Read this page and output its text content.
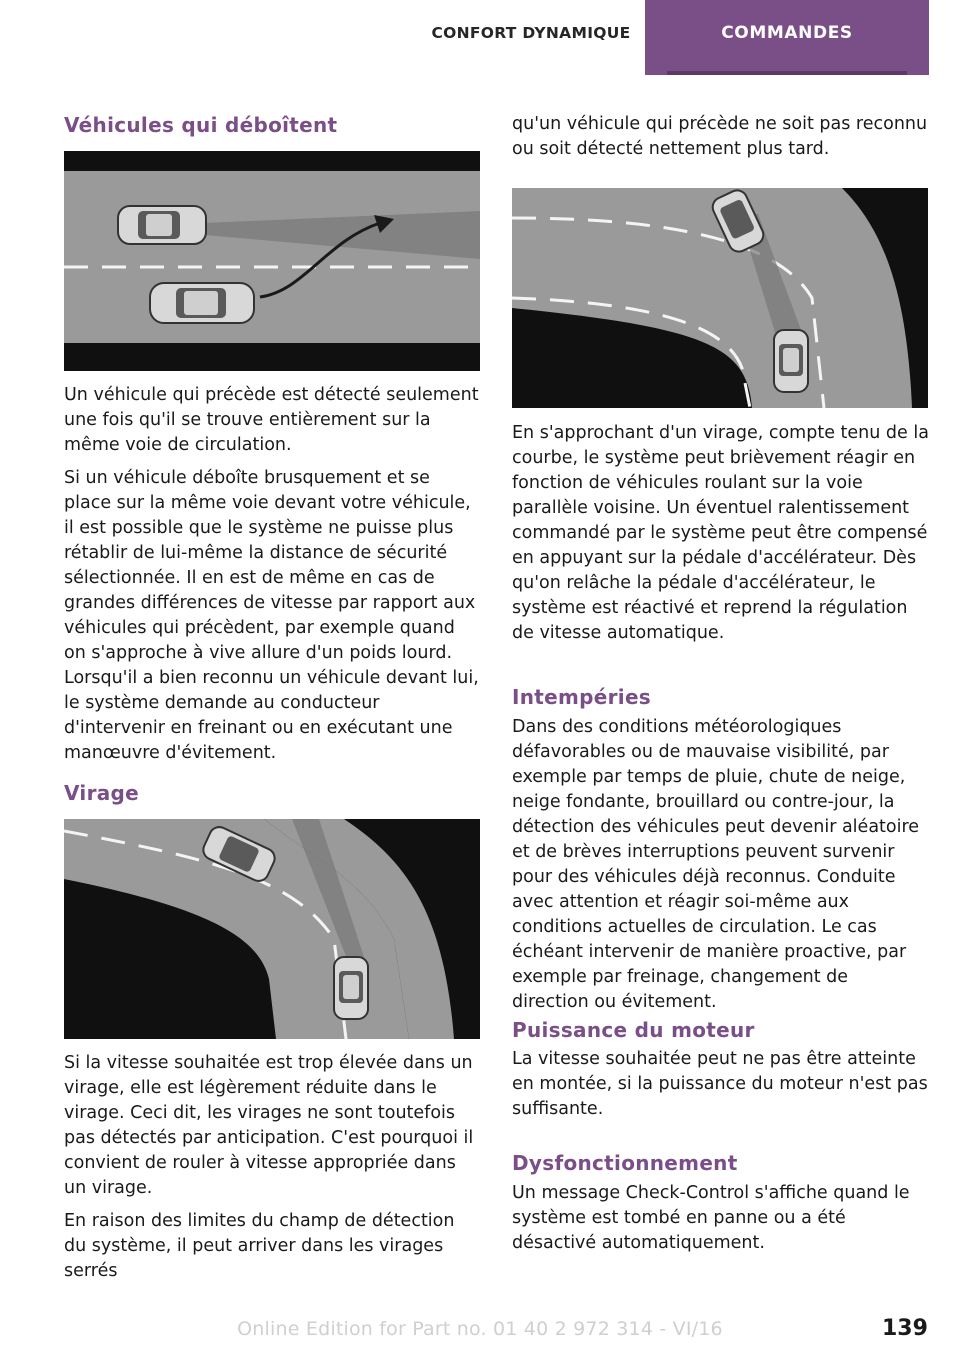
CONFORT DYNAMIQUE	COMMANDES
Véhicules qui déboîtent

Un véhicule qui précède est détecté seulement une fois qu'il se trouve entièrement sur la même voie de circulation.

Si un véhicule déboîte brusquement et se place sur la même voie devant votre véhicule, il est possible que le système ne puisse plus rétablir de lui-même la distance de sécurité sélectionnée. Il en est de même en cas de grandes différences de vitesse par rapport aux véhicules qui précèdent, par exemple quand on s'approche à vive allure d'un poids lourd. Lorsqu'il a bien reconnu un véhicule devant lui, le système demande au conducteur d'intervenir en freinant ou en exécutant une manœuvre d'évitement.

Virage

Si la vitesse souhaitée est trop élevée dans un virage, elle est légèrement réduite dans le virage. Ceci dit, les virages ne sont toutefois pas détectés par anticipation. C'est pourquoi il convient de rouler à vitesse appropriée dans un virage.

En raison des limites du champ de détection du système, il peut arriver dans les virages serrés

qu'un véhicule qui précède ne soit pas reconnu ou soit détecté nettement plus tard.

En s'approchant d'un virage, compte tenu de la courbe, le système peut brièvement réagir en fonction de véhicules roulant sur la voie parallèle voisine. Un éventuel ralentissement commandé par le système peut être compensé en appuyant sur la pédale d'accélérateur. Dès qu'on relâche la pédale d'accélérateur, le système est réactivé et reprend la régulation de vitesse automatique.

Intempéries

Dans des conditions météorologiques défavorables ou de mauvaise visibilité, par exemple par temps de pluie, chute de neige, neige fondante, brouillard ou contre-jour, la détection des véhicules peut devenir aléatoire et de brèves interruptions peuvent survenir pour des véhicules déjà reconnus. Conduite avec attention et réagir soi-même aux conditions actuelles de circulation. Le cas échéant intervenir de manière proactive, par exemple par freinage, changement de direction ou évitement.

Puissance du moteur

La vitesse souhaitée peut ne pas être atteinte en montée, si la puissance du moteur n'est pas suffisante.

Dysfonctionnement

Un message Check-Control s'affiche quand le système est tombé en panne ou a été désactivé automatiquement.

Online Edition for Part no. 01 40 2 972 314 - VI/16	139
